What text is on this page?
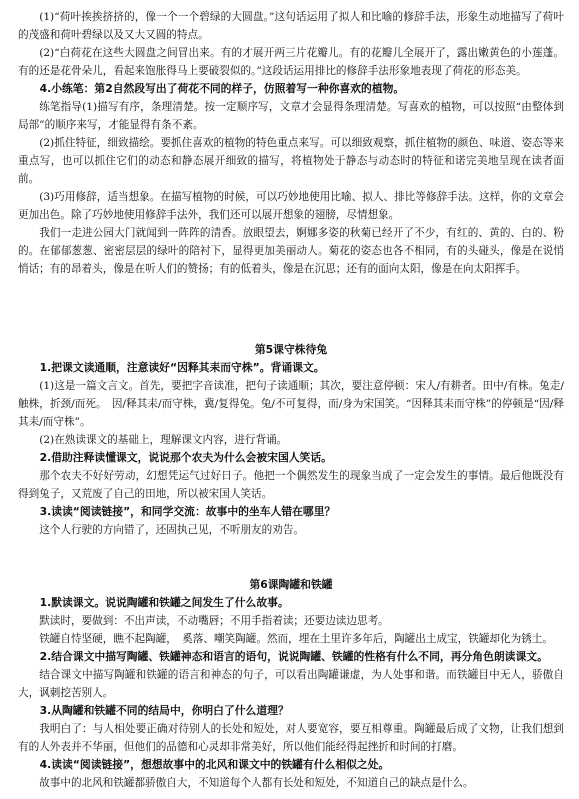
(1)“荷叶挨挨挤挤的，像一个一个碧绿的大圆盘。”这句话运用了拟人和比喻的修辞手法，形象生动地描写了荷叶的茂盛和荷叶碧绿以及又大又圆的特点。

(2)“白荷花在这些大圆盘之间冒出来。有的才展开两三片花瓣儿。有的花瓣儿全展开了，露出嫩黄色的小莲蓬。有的还是花骨朵儿，看起来饱胀得马上要破裂似的。”这段话运用排比的修辞手法形象地表现了荷花的形态美。

4.小练笔：第2自然段写出了荷花不同的样子，仿照着写一种你喜欢的植物。

练笔指导(1)描写有序，条理清楚。按一定顺序写，文章才会显得条理清楚。写喜欢的植物，可以按照“由整体到局部”的顺序来写，才能显得有条不紊。

(2)抓住特征，细致描绘。要抓住喜欢的植物的特色重点来写。可以细致观察，抓住植物的颜色、味道、姿态等来重点写，也可以抓住它们的动态和静态展开细致的描写，将植物处于静态与动态时的特征和诺完美地呈现在读者面前。

(3)巧用修辞，适当想象。在描写植物的时候，可以巧妙地使用比喻、拟人、排比等修辞手法。这样，你的文章会更加出色。除了巧妙地使用修辞手法外，我们还可以展开想象的翅膀，尽情想象。

我们一走进公园大门就闻到一阵阵的清香。放眼望去，婀娜多姿的秋菊已经开了不少，有红的、黄的、白的、粉的。在郁郁葱葱、密密层层的绿叶的陪衬下，显得更加美丽动人。菊花的姿态也各不相同，有的头碰头，像是在说悄悄话；有的昂着头，像是在听人们的赞扬；有的低着头，像是在沉思；还有的面向太阳，像是在向太阳挥手。

第5课守株待兔

1.把课文读通顺，注意读好“因释其耒而守株”。背诵课文。

(1)这是一篇文言文。首先，要把字音读准，把句子读通顺；其次，要注意停顿：宋人/有耕者。田中/有株。兔走/触株，折颈/而死。　因/释其耒/而守株，冀/复得兔。兔/不可复得，而/身为宋国笑。“因释其耒而守株”的停顿是“因/释其耒/而守株”。

(2)在熟读课文的基础上，理解课文内容，进行背诵。

2.借助注释读懂课文，说说那个农夫为什么会被宋国人笑话。

那个农夫不好好劳动，幻想凭运气过好日子。他把一个偶然发生的现象当成了一定会发生的事情。最后他既没有得到兔子，又荒废了自己的田地，所以被宋国人笑话。

3.读读“阅读链接”，和同学交流：故事中的坐车人错在哪里？

这个人行驶的方向错了，还固执己见，不听朋友的劝告。

第6课陶罐和铁罐

1.默读课文。说说陶罐和铁罐之间发生了什么故事。

默读时，要做到：不出声读，不动嘴唇；不用手指着读；还要边读边思考。

铁罐自恃坚硬，瞧不起陶罐，　奚落、嘲笑陶罐。然而，埋在土里许多年后，陶罐出土成宝，铁罐却化为锈土。

2.结合课文中描写陶罐、铁罐神态和语言的语句，说说陶罐、铁罐的性格有什么不同，再分角色朗读课文。

结合课文中描写陶罐和铁罐的语言和神态的句子，可以看出陶罐谦虚，为人处事和谐。而铁罐目中无人，骄傲自大，讽刺挖苦别人。

3.从陶罐和铁罐不同的结局中，你明白了什么道理？

我明白了：与人相处要正确对待别人的长处和短处，对人要宽容，要互相尊重。陶罐最后成了文物，让我们想到有的人外表并不华丽，但他们的品德和心灵却非常美好，所以他们能经得起挫折和时间的打磨。

4.读读“阅读链接”，想想故事中的北风和课文中的铁罐有什么相似之处。

故事中的北风和铁罐都骄傲自大，不知道每个人都有长处和短处，不知道自己的缺点是什么。
